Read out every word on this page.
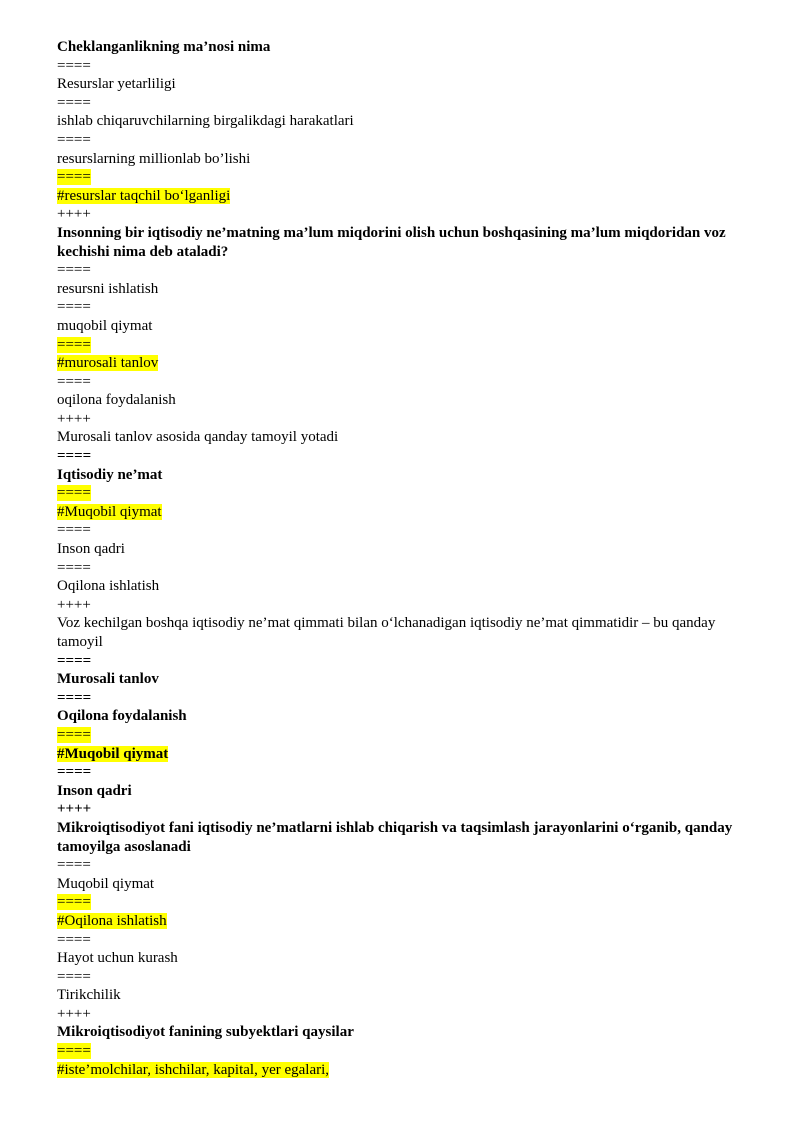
Cheklanganlikning ma’nosi nima
====
Resurslar yetarliligi
====
ishlab chiqaruvchilarning birgalikdagi harakatlari
====
resurslarning millionlab bo’lishi
====
#resurslar taqchil bo‘lganligi
++++
Insonning bir iqtisodiy ne’matning ma’lum miqdorini olish uchun boshqasining ma’lum miqdoridan voz kechishi nima deb ataladi?
====
resursni ishlatish
====
muqobil qiymat
====
#murosali tanlov
====
oqilona foydalanish
++++
Murosali tanlov asosida qanday tamoyil yotadi
====
Iqtisodiy ne’mat
====
#Muqobil qiymat
====
Inson qadri
====
Oqilona ishlatish
++++
Voz kechilgan boshqa iqtisodiy ne’mat qimmati bilan o‘lchanadigan iqtisodiy ne’mat qimmatidir – bu qanday tamoyil
====
Murosali tanlov
====
Oqilona foydalanish
====
#Muqobil qiymat
====
Inson qadri
++++
Mikroiqtisodiyot fani iqtisodiy ne’matlarni ishlab chiqarish va taqsimlash jarayonlarini o‘rganib, qanday tamoyilga asoslanadi
====
Muqobil qiymat
====
#Oqilona ishlatish
====
Hayot uchun kurash
====
Tirikchilik
++++
Mikroiqtisodiyot fanining subyektlari qaysilar
====
#iste’molchilar, ishchilar, kapital, yer egalari,
